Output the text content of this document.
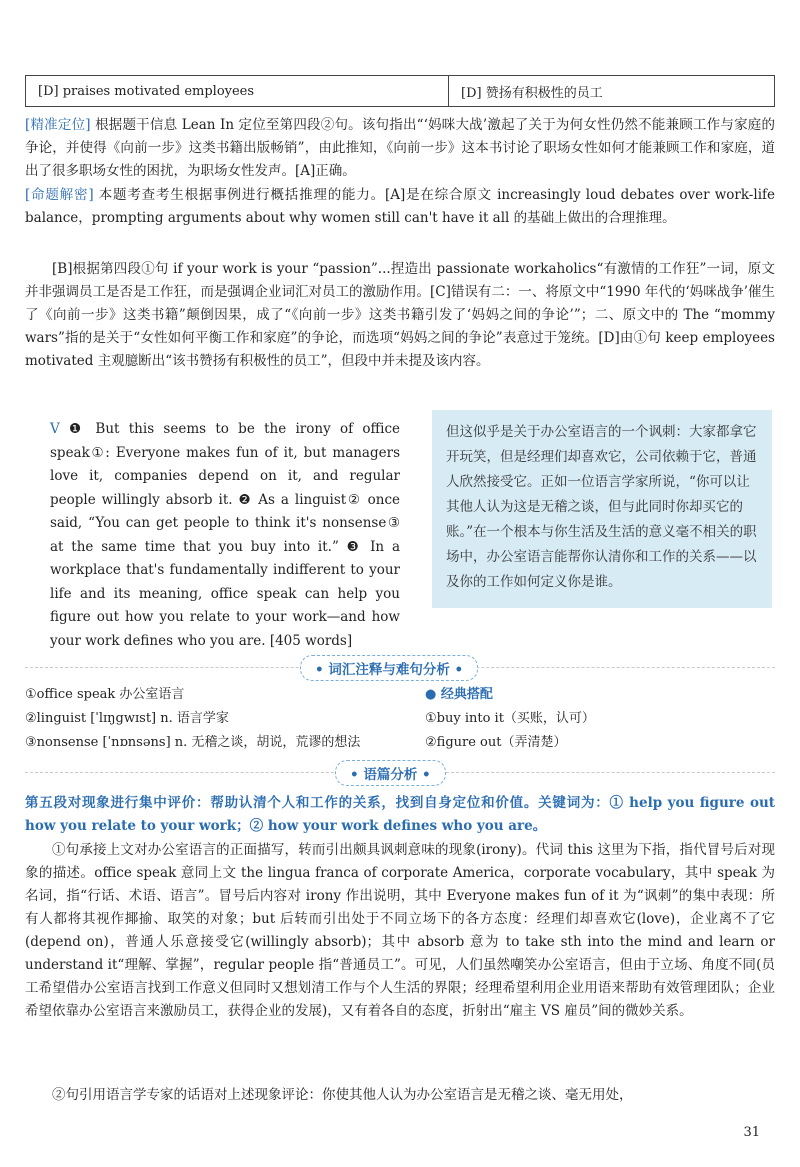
[D] praises motivated employees	[D] 赞扬有积极性的员工
[精准定位] 根据题干信息 Lean In 定位至第四段②句。该句指出“‘妈咪大战’激起了关于为何女性仍然不能兼顾工作与家庭的争论，并使得《向前一步》这类书籍出版畅销”，由此推知，《向前一步》这本书讨论了职场女性如何才能兼顾工作和家庭，道出了很多职场女性的困扰，为职场女性发声。[A]正确。
[命题解密] 本题考查考生根据事例进行概括推理的能力。[A]是在综合原文 increasingly loud debates over work-life balance，prompting arguments about why women still can't have it all 的基础上做出的合理推理。
[B]根据第四段①句 if your work is your “passion”...捏造出 passionate workaholics“有激情的工作狂”一词，原文并非强调员工是否是工作狂，而是强调企业词汇对员工的激励作用。[C]错误有二：一、将原文中“1990 年代的‘妈咪战争’催生了《向前一步》这类书籍”颠倒因果，成了“《向前一步》这类书籍引发了‘妈妈之间的争论’”；二、原文中的 The “mommy wars”指的是关于“女性如何平衡工作和家庭”的争论，而选项“妈妈之间的争论”表意过于笼统。[D]由①句 keep employees motivated 主观臆断出“该书赞扬有积极性的员工”，但段中并未提及该内容。
V ❶ But this seems to be the irony of office speak①: Everyone makes fun of it, but managers love it, companies depend on it, and regular people willingly absorb it. ❷ As a linguist② once said, “You can get people to think it's nonsense③ at the same time that you buy into it.” ❸ In a workplace that's fundamentally indifferent to your life and its meaning, office speak can help you figure out how you relate to your work—and how your work defines who you are. [405 words]
但这似乎是关于办公室语言的一个讽刺：大家都拿它开玩笑，但是经理们却喜欢它，公司依赖于它，普通人欣然接受它。正如一位语言学家所说，“你可以让其他人认为这是无稽之谈，但与此同时你却买它的账。”在一个根本与你生活及生活的意义毫不相关的职场中，办公室语言能帮你认清你和工作的关系——以及你的工作如何定义你是谁。
• 词汇注释与难句分析 •
①office speak 办公室语言
②linguist [ˈlɪŋgwɪst] n. 语言学家
③nonsense [ˈnɒnsəns] n. 无稽之谈，胡说，荒谬的想法
● 经典搭配
①buy into it（买账，认可）
②figure out（弄清楚）
• 语篇分析 •
第五段对现象进行集中评价：帮助认清个人和工作的关系，找到自身定位和价值。关键词为：① help you figure out how you relate to your work；② how your work defines who you are。
①句承接上文对办公室语言的正面描写，转而引出颇具讽刺意味的现象(irony)。代词 this 这里为下指，指代冒号后对现象的描述。office speak 意同上文 the lingua franca of corporate America，corporate vocabulary，其中 speak 为名词，指“行话、术语、语言”。冒号后内容对 irony 作出说明，其中 Everyone makes fun of it 为“讽刺”的集中表现：所有人都将其视作揶揄、取笑的对象；but 后转而引出处于不同立场下的各方态度：经理们却喜欢它(love)，企业离不了它(depend on)，普通人乐意接受它(willingly absorb)；其中 absorb 意为 to take sth into the mind and learn or understand it“理解、掌握”，regular people 指“普通员工”。可见，人们虽然嘲笑办公室语言，但由于立场、角度不同(员工希望借办公室语言找到工作意义但同时又想划清工作与个人生活的界限；经理希望利用企业用语来帮助有效管理团队；企业希望依靠办公室语言来激励员工，获得企业的发展)，又有着各自的态度，折射出“雇主 VS 雇员”间的微妙关系。
②句引用语言学专家的话语对上述现象评论：你使其他人认为办公室语言是无稽之谈、毫无用处，
31
